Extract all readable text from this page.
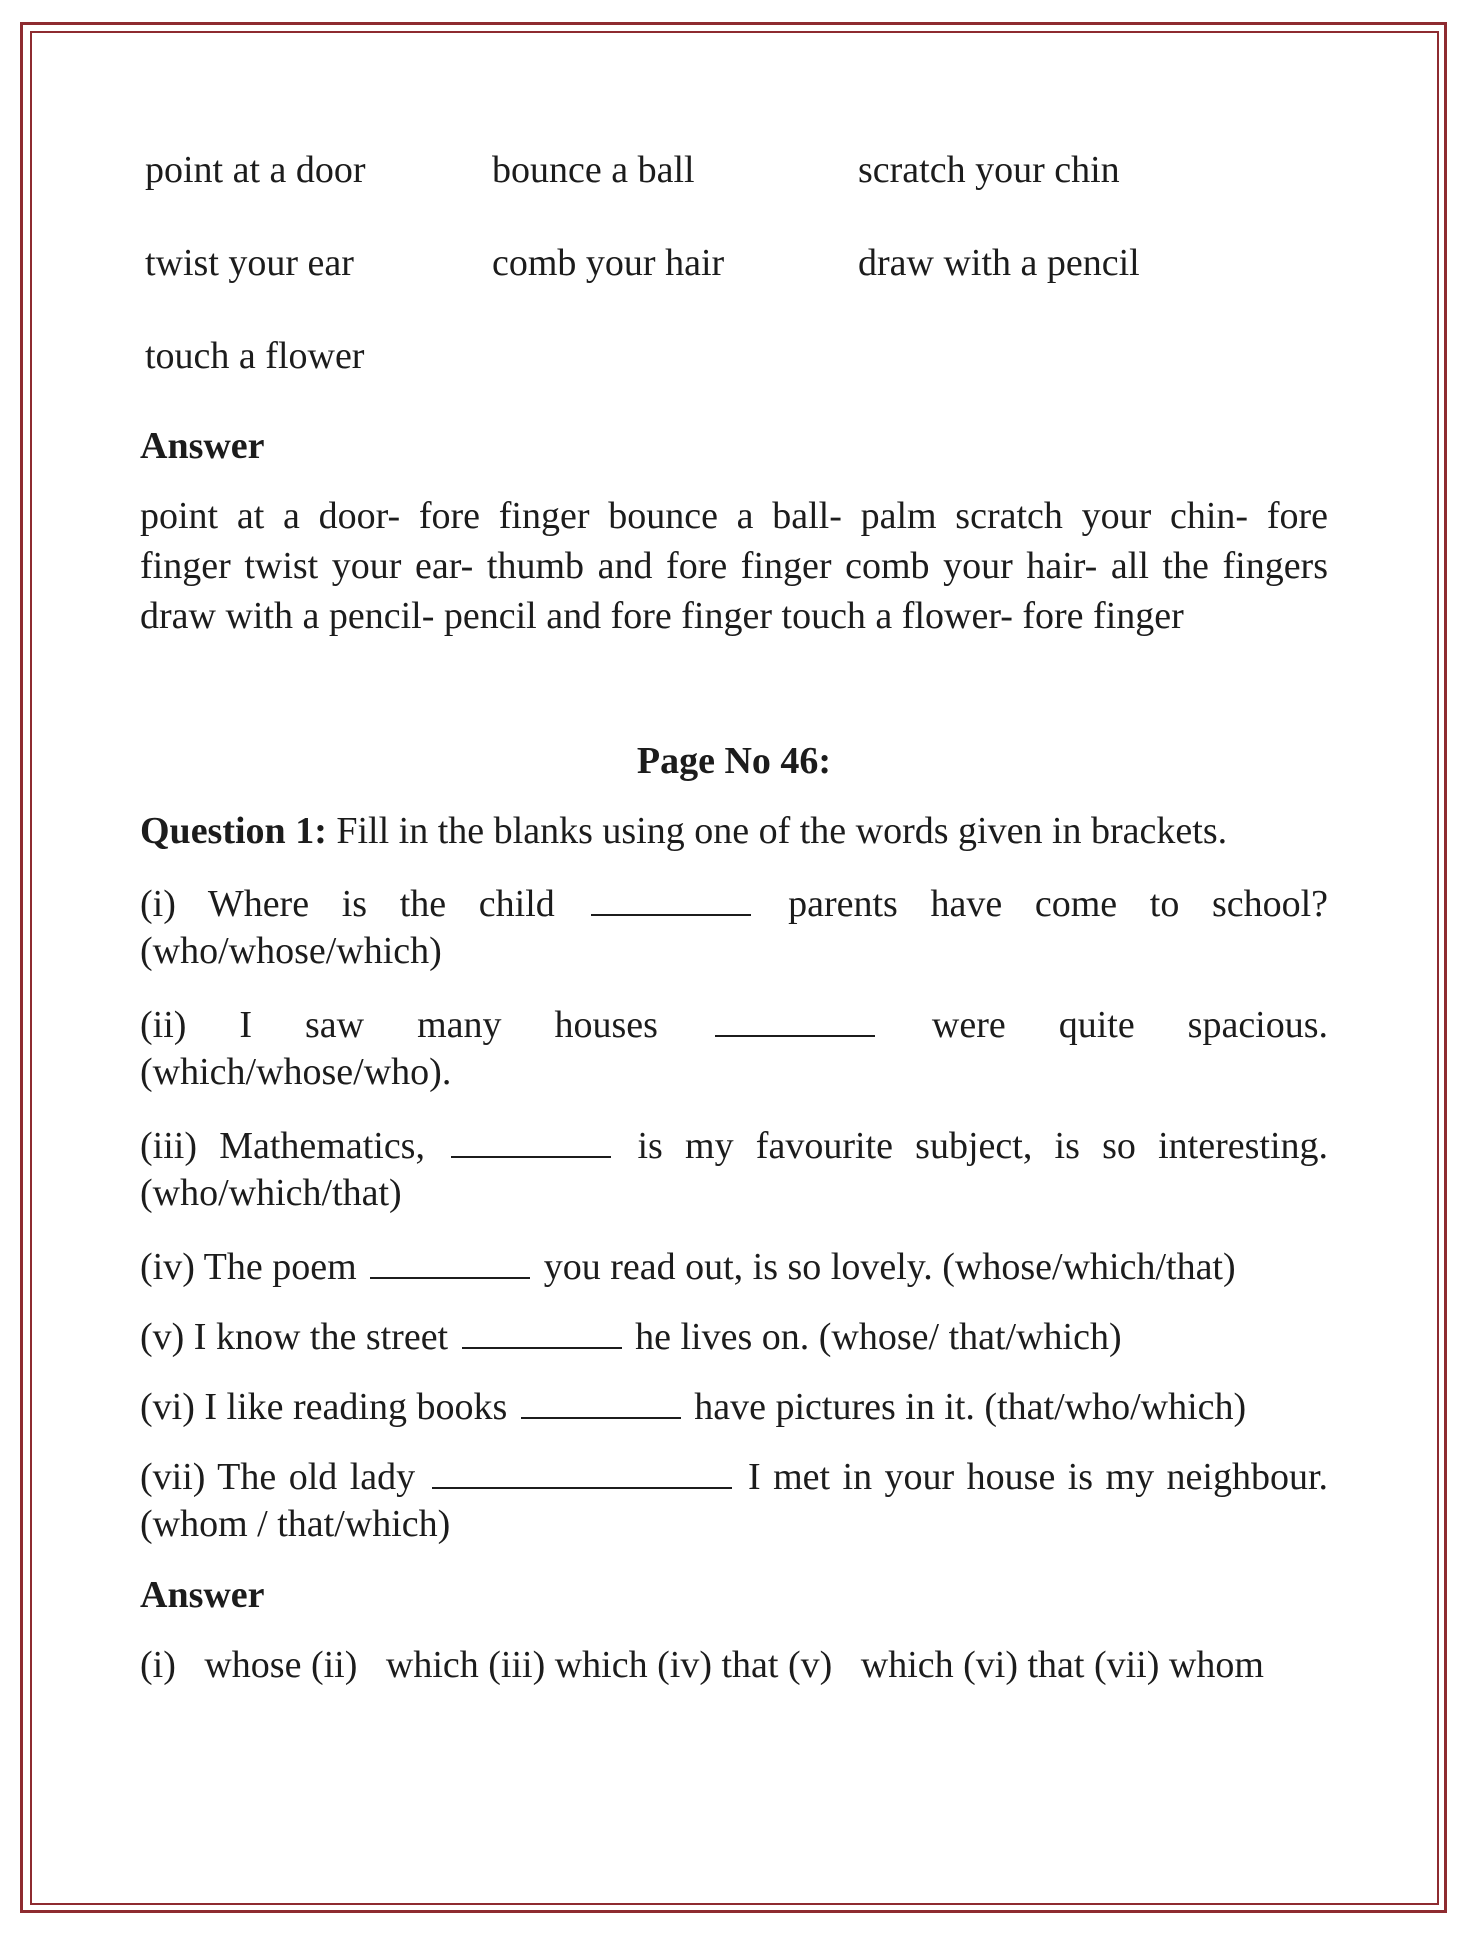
point at a door	bounce a ball	scratch your chin
twist your ear	comb your hair	draw with a pencil
touch a flower
Answer
point at a door- fore finger bounce a ball- palm scratch your chin- fore
finger twist your ear- thumb and fore finger comb your hair- all the fingers
draw with a pencil- pencil and fore finger touch a flower- fore finger
Page No 46:
Question 1: Fill in the blanks using one of the words given in brackets.
(i) Where is the child	parents have come to school?
(who/whose/which)
(ii) I saw many houses	were quite spacious.
(which/whose/who).
(iii) Mathematics,	is my favourite subject, is so interesting.
(who/which/that)
(iv) The poem	you read out, is so lovely. (whose/which/that)
(v) I know the street	he lives on. (whose/ that/which)
(vi) I like reading books	have pictures in it. (that/who/which)
(vii) The old lady	I met in your house is my neighbour.
(whom / that/which)
Answer
(i)   whose (ii)   which (iii) which (iv) that (v)   which (vi) that (vii) whom
